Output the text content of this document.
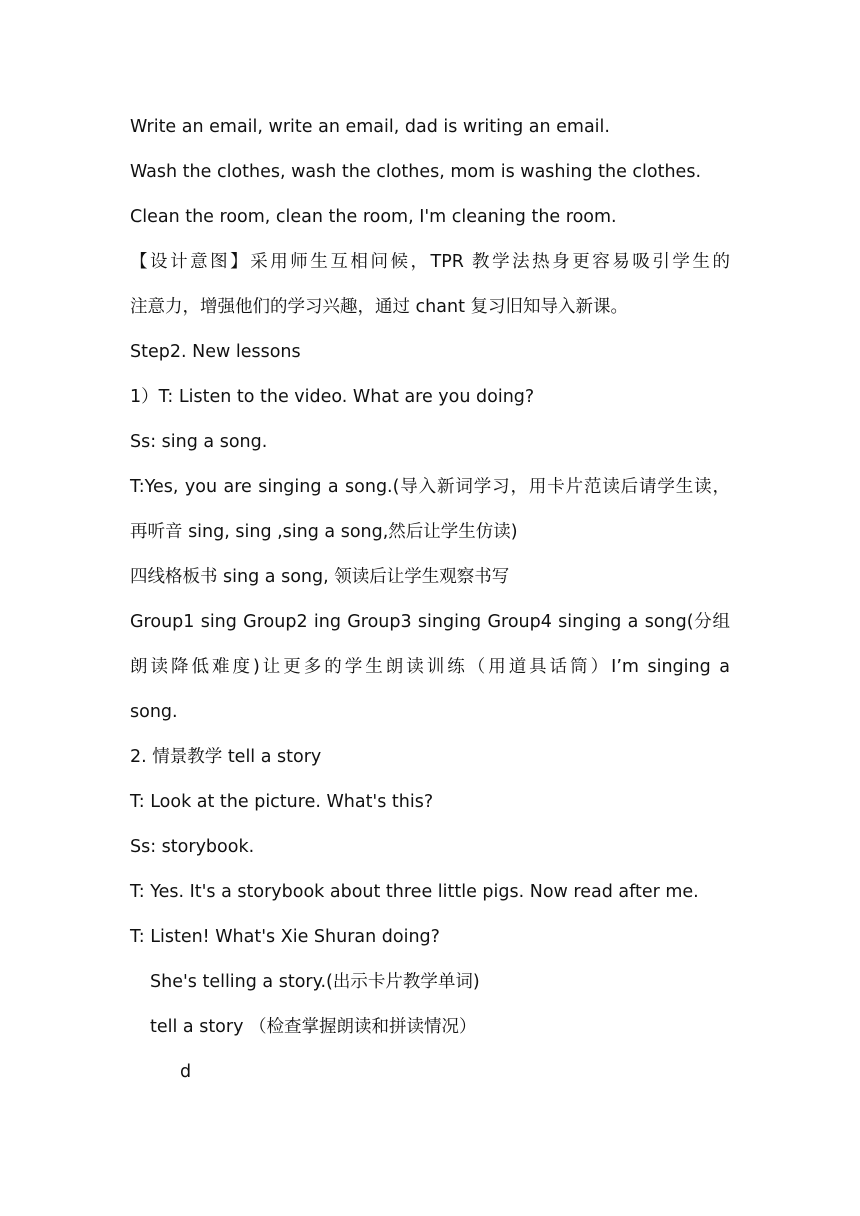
Write an email, write an email, dad is writing an email.
Wash the clothes, wash the clothes, mom is washing the clothes.
Clean the room, clean the room, I'm cleaning the room.
【设计意图】采用师生互相问候，TPR 教学法热身更容易吸引学生的
注意力，增强他们的学习兴趣，通过 chant 复习旧知导入新课。
Step2. New lessons
1）T: Listen to the video. What are you doing?
Ss: sing a song.
T:Yes, you are singing a song.(导入新词学习，用卡片范读后请学生读，
再听音 sing, sing ,sing a song,然后让学生仿读)
四线格板书 sing a song, 领读后让学生观察书写
Group1 sing Group2 ing Group3 singing Group4 singing a song(分组
朗读降低难度)让更多的学生朗读训练（用道具话筒）I’m singing a
song.
2. 情景教学 tell a story
T: Look at the picture. What's this?
Ss: storybook.
T: Yes. It's a storybook about three little pigs. Now read after me.
T: Listen! What's Xie Shuran doing?
She's telling a story.(出示卡片教学单词)
tell a story （检查掌握朗读和拼读情况）
d
